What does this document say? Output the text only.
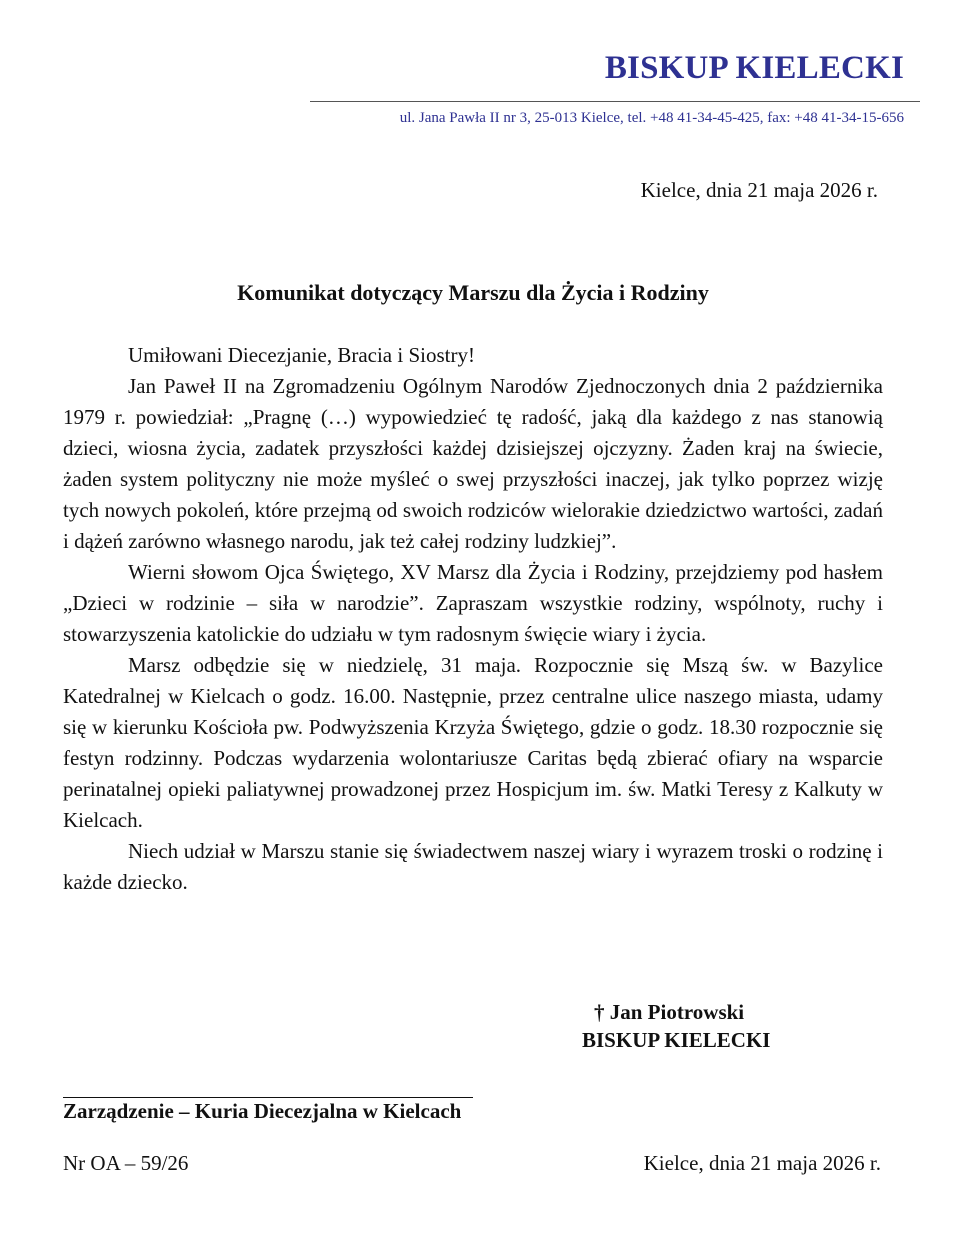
BISKUP KIELECKI
ul. Jana Pawła II nr 3, 25-013 Kielce, tel. +48 41-34-45-425, fax: +48 41-34-15-656
Kielce, dnia 21 maja 2026 r.
Komunikat dotyczący Marszu dla Życia i Rodziny

Umiłowani Diecezjanie, Bracia i Siostry!

Jan Paweł II na Zgromadzeniu Ogólnym Narodów Zjednoczonych dnia 2 października 1979 r. powiedział: „Pragnę (…) wypowiedzieć tę radość, jaką dla każdego z nas stanowią dzieci, wiosna życia, zadatek przyszłości każdej dzisiejszej ojczyzny. Żaden kraj na świecie, żaden system polityczny nie może myśleć o swej przyszłości inaczej, jak tylko poprzez wizję tych nowych pokoleń, które przejmą od swoich rodziców wielorakie dziedzictwo wartości, zadań i dążeń zarówno własnego narodu, jak też całej rodziny ludzkiej”.

Wierni słowom Ojca Świętego, XV Marsz dla Życia i Rodziny, przejdziemy pod hasłem „Dzieci w rodzinie – siła w narodzie”. Zapraszam wszystkie rodziny, wspólnoty, ruchy i stowarzyszenia katolickie do udziału w tym radosnym święcie wiary i życia.

Marsz odbędzie się w niedzielę, 31 maja. Rozpocznie się Mszą św. w Bazylice Katedralnej w Kielcach o godz. 16.00. Następnie, przez centralne ulice naszego miasta, udamy się w kierunku Kościoła pw. Podwyższenia Krzyża Świętego, gdzie o godz. 18.30 rozpocznie się festyn rodzinny. Podczas wydarzenia wolontariusze Caritas będą zbierać ofiary na wsparcie perinatalnej opieki paliatywnej prowadzonej przez Hospicjum im. św. Matki Teresy z Kalkuty w Kielcach.

Niech udział w Marszu stanie się świadectwem naszej wiary i wyrazem troski o rodzinę i każde dziecko.

† Jan Piotrowski
BISKUP KIELECKI
Zarządzenie – Kuria Diecezjalna w Kielcach
Nr OA – 59/26	Kielce, dnia 21 maja 2026 r.
